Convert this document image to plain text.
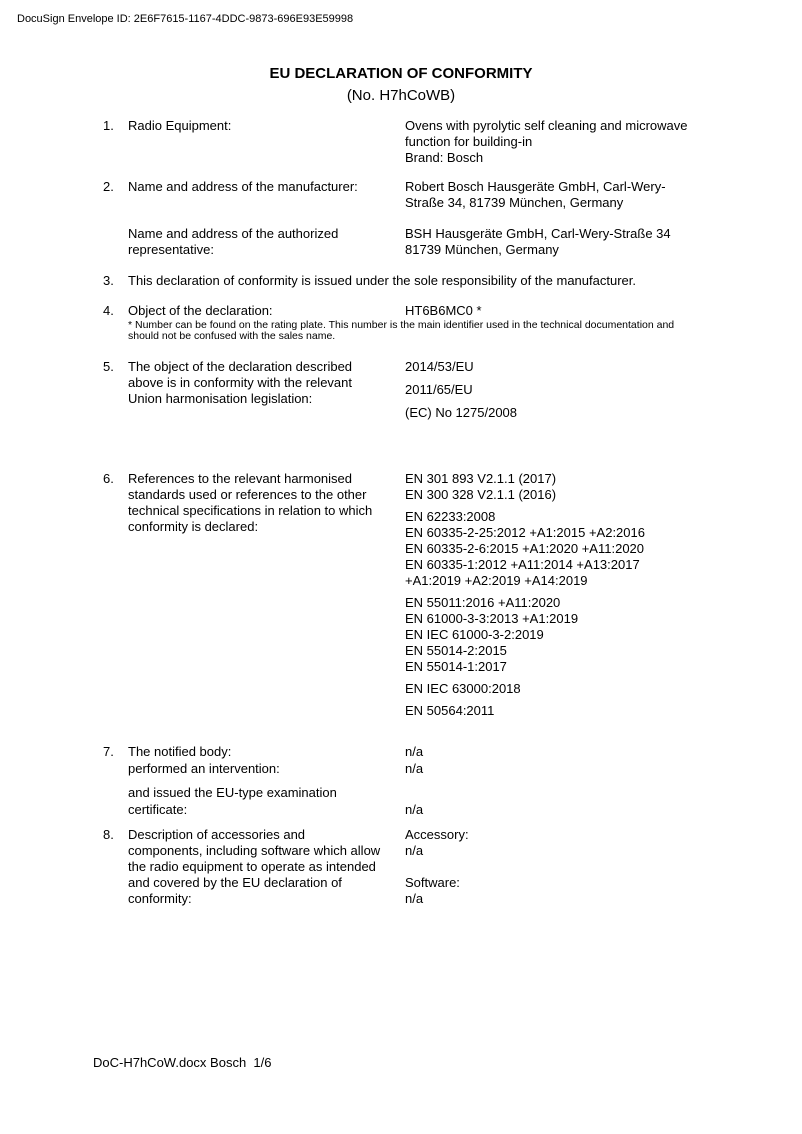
DocuSign Envelope ID: 2E6F7615-1167-4DDC-9873-696E93E59998
EU DECLARATION OF CONFORMITY
(No. H7hCoWB)
1.	Radio Equipment:	Ovens with pyrolytic self cleaning and microwave
function for building-in
Brand: Bosch
2.	Name and address of the manufacturer:	Robert Bosch Hausgeräte GmbH, Carl-Wery-
Straße 34, 81739 München, Germany
Name and address of the authorized
representative:
BSH Hausgeräte GmbH, Carl-Wery-Straße 34
81739 München, Germany
3.	This declaration of conformity is issued under the sole responsibility of the manufacturer.
4.	Object of the declaration:	HT6B6MC0 *
* Number can be found on the rating plate. This number is the main identifier used in the technical documentation and
should not be confused with the sales name.
5.	The object of the declaration described
above is in conformity with the relevant
Union harmonisation legislation:
2014/53/EU
2011/65/EU
(EC) No 1275/2008
6.	References to the relevant harmonised
standards used or references to the other
technical specifications in relation to which
conformity is declared:
EN 301 893 V2.1.1 (2017)
EN 300 328 V2.1.1 (2016)
EN 62233:2008
EN 60335-2-25:2012 +A1:2015 +A2:2016
EN 60335-2-6:2015 +A1:2020 +A11:2020
EN 60335-1:2012 +A11:2014 +A13:2017
+A1:2019 +A2:2019 +A14:2019
EN 55011:2016 +A11:2020
EN 61000-3-3:2013 +A1:2019
EN IEC 61000-3-2:2019
EN 55014-2:2015
EN 55014-1:2017
EN IEC 63000:2018
EN 50564:2011
7.	The notified body:	n/a
performed an intervention:	n/a
and issued the EU-type examination
certificate:	n/a
8.	Description of accessories and
components, including software which allow
the radio equipment to operate as intended
and covered by the EU declaration of
conformity:
Accessory:
n/a
Software:
n/a
DoC-H7hCoW.docx Bosch  1/6
